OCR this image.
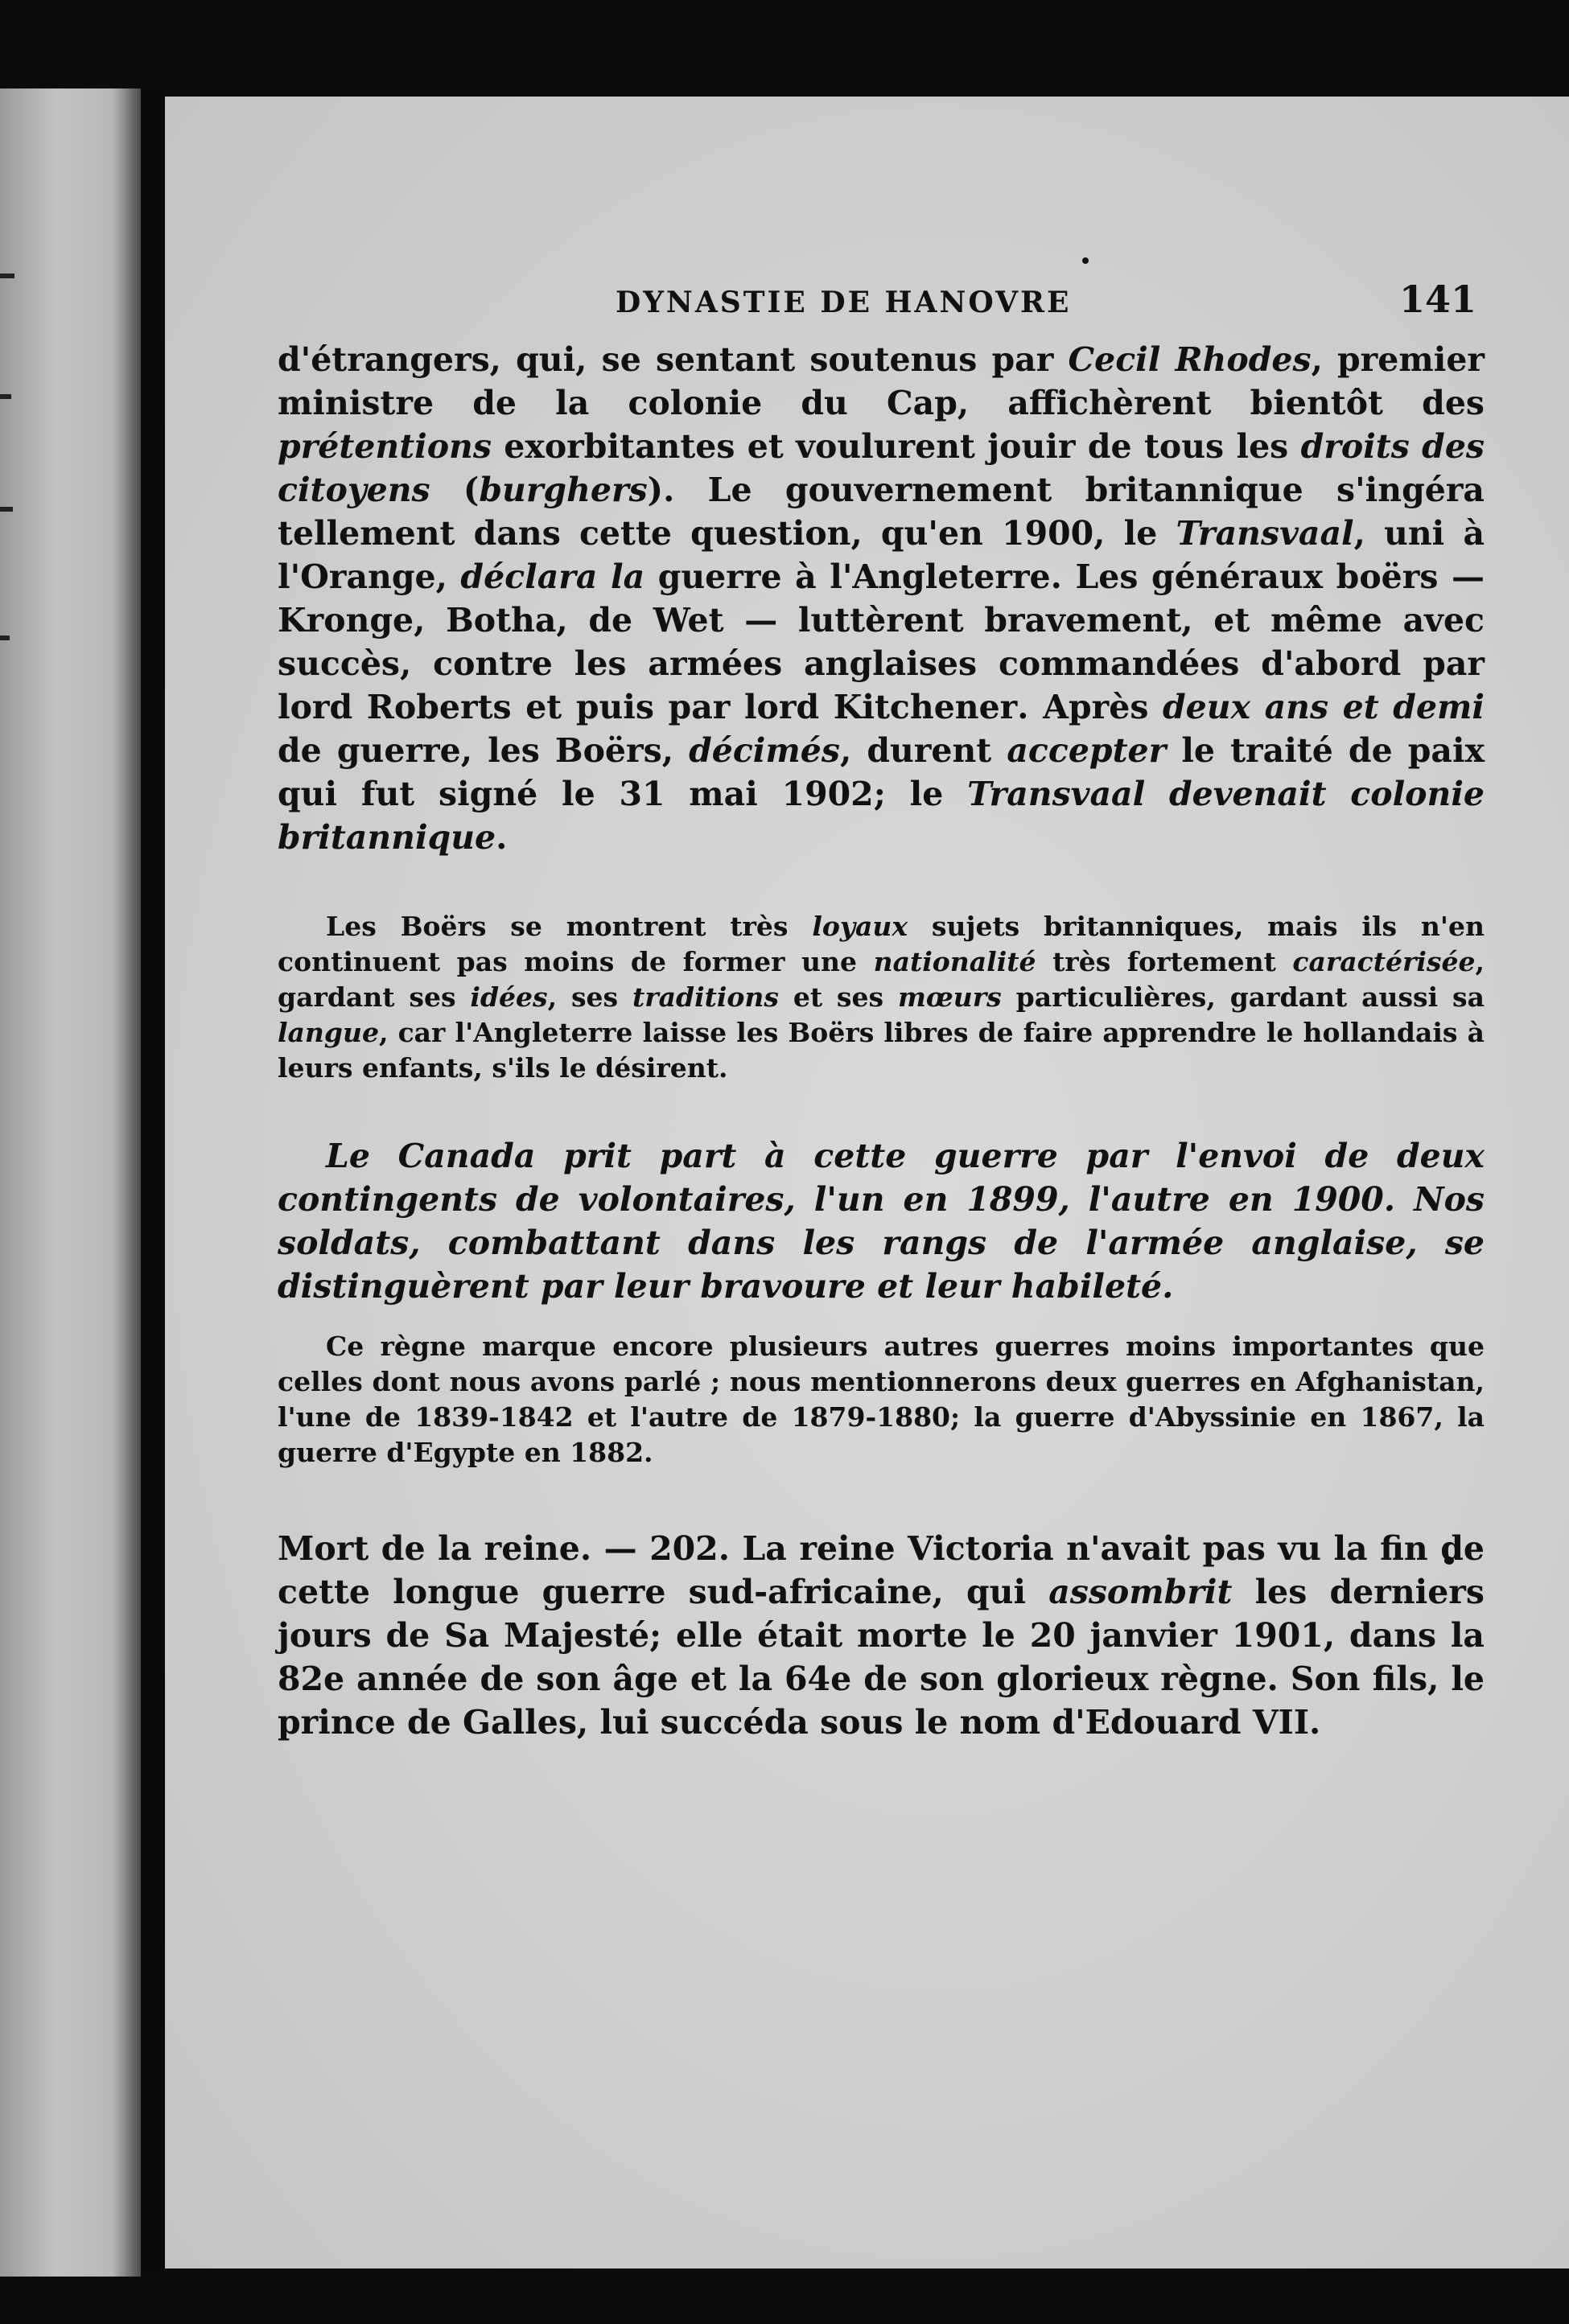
DYNASTIE DE HANOVRE	141

d'étrangers, qui, se sentant soutenus par Cecil Rhodes, premier ministre de la colonie du Cap, affichèrent bientôt des prétentions exorbitantes et voulurent jouir de tous les droits des citoyens (burghers). Le gouvernement britannique s'ingéra tellement dans cette question, qu'en 1900, le Transvaal, uni à l'Orange, déclara la guerre à l'Angleterre. Les généraux boërs —Kronge, Botha, de Wet — luttèrent bravement, et même avec succès, contre les armées anglaises commandées d'abord par lord Roberts et puis par lord Kitchener. Après deux ans et demi de guerre, les Boërs, décimés, durent accepter le traité de paix qui fut signé le 31 mai 1902; le Transvaal devenait colonie britannique.

Les Boërs se montrent très loyaux sujets britanniques, mais ils n'en continuent pas moins de former une nationalité très fortement caractérisée, gardant ses idées, ses traditions et ses mœurs particulières, gardant aussi sa langue, car l'Angleterre laisse les Boërs libres de faire apprendre le hollandais à leurs enfants, s'ils le désirent.

Le Canada prit part à cette guerre par l'envoi de deux contingents de volontaires, l'un en 1899, l'autre en 1900. Nos soldats, combattant dans les rangs de l'armée anglaise, se distinguèrent par leur bravoure et leur habileté.

Ce règne marque encore plusieurs autres guerres moins importantes que celles dont nous avons parlé ; nous mentionnerons deux guerres en Afghanistan, l'une de 1839-1842 et l'autre de 1879-1880; la guerre d'Abyssinie en 1867, la guerre d'Egypte en 1882.

Mort de la reine. — 202. La reine Victoria n'avait pas vu la fin de cette longue guerre sud-africaine, qui assombrit les derniers jours de Sa Majesté; elle était morte le 20 janvier 1901, dans la 82e année de son âge et la 64e de son glorieux règne. Son fils, le prince de Galles, lui succéda sous le nom d'Edouard VII.
